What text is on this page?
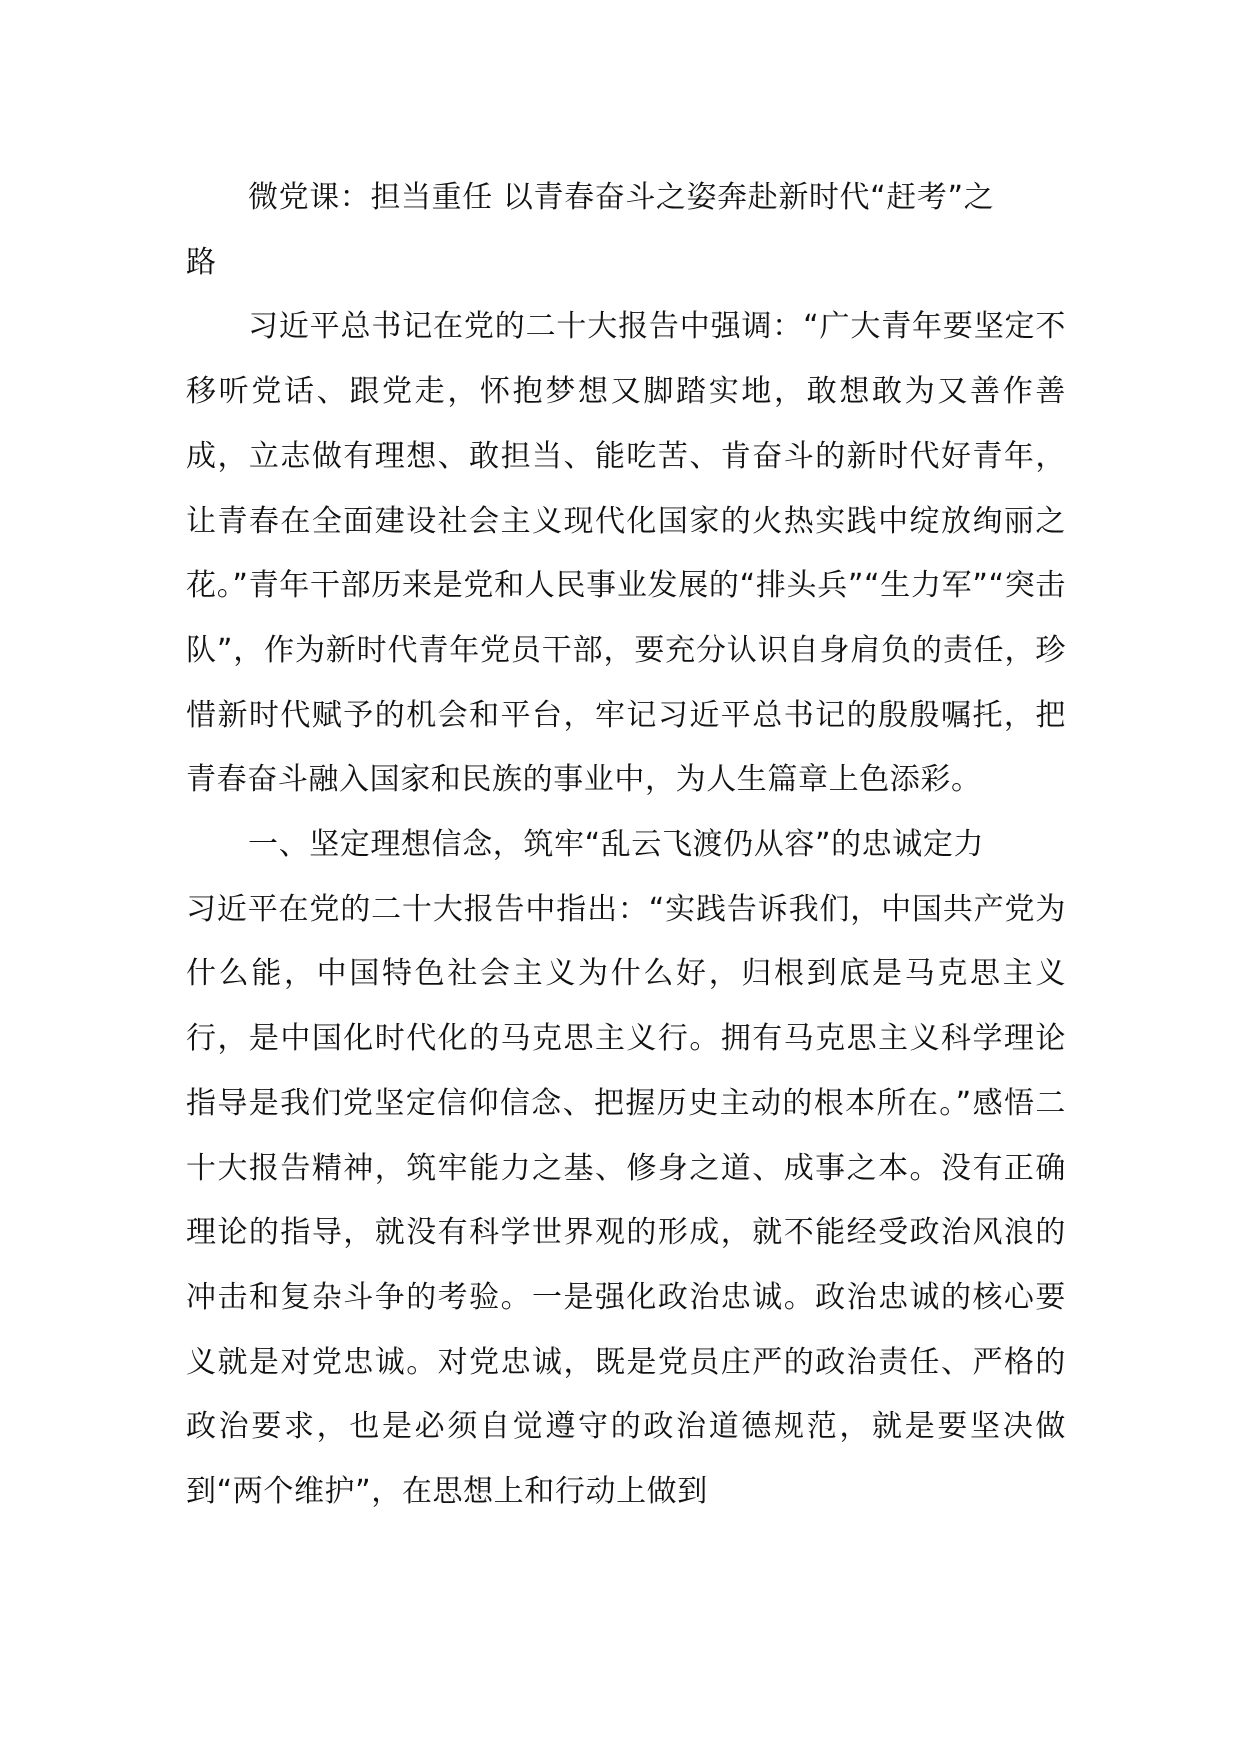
微党课：担当重任 以青春奋斗之姿奔赴新时代“赶考”之

路

习近平总书记在党的二十大报告中强调：“广大青年要坚定不移听党话、跟党走，怀抱梦想又脚踏实地，敢想敢为又善作善成，立志做有理想、敢担当、能吃苦、肯奋斗的新时代好青年，让青春在全面建设社会主义现代化国家的火热实践中绽放绚丽之花。”青年干部历来是党和人民事业发展的“排头兵”“生力军”“突击队”，作为新时代青年党员干部，要充分认识自身肩负的责任，珍惜新时代赋予的机会和平台，牢记习近平总书记的殷殷嘱托，把青春奋斗融入国家和民族的事业中，为人生篇章上色添彩。

一、坚定理想信念，筑牢“乱云飞渡仍从容”的忠诚定力

习近平在党的二十大报告中指出：“实践告诉我们，中国共产党为什么能，中国特色社会主义为什么好，归根到底是马克思主义行，是中国化时代化的马克思主义行。拥有马克思主义科学理论指导是我们党坚定信仰信念、把握历史主动的根本所在。”感悟二十大报告精神，筑牢能力之基、修身之道、成事之本。没有正确理论的指导，就没有科学世界观的形成，就不能经受政治风浪的冲击和复杂斗争的考验。一是强化政治忠诚。政治忠诚的核心要义就是对党忠诚。对党忠诚，既是党员庄严的政治责任、严格的政治要求，也是必须自觉遵守的政治道德规范，就是要坚决做到“两个维护”，在思想上和行动上做到
